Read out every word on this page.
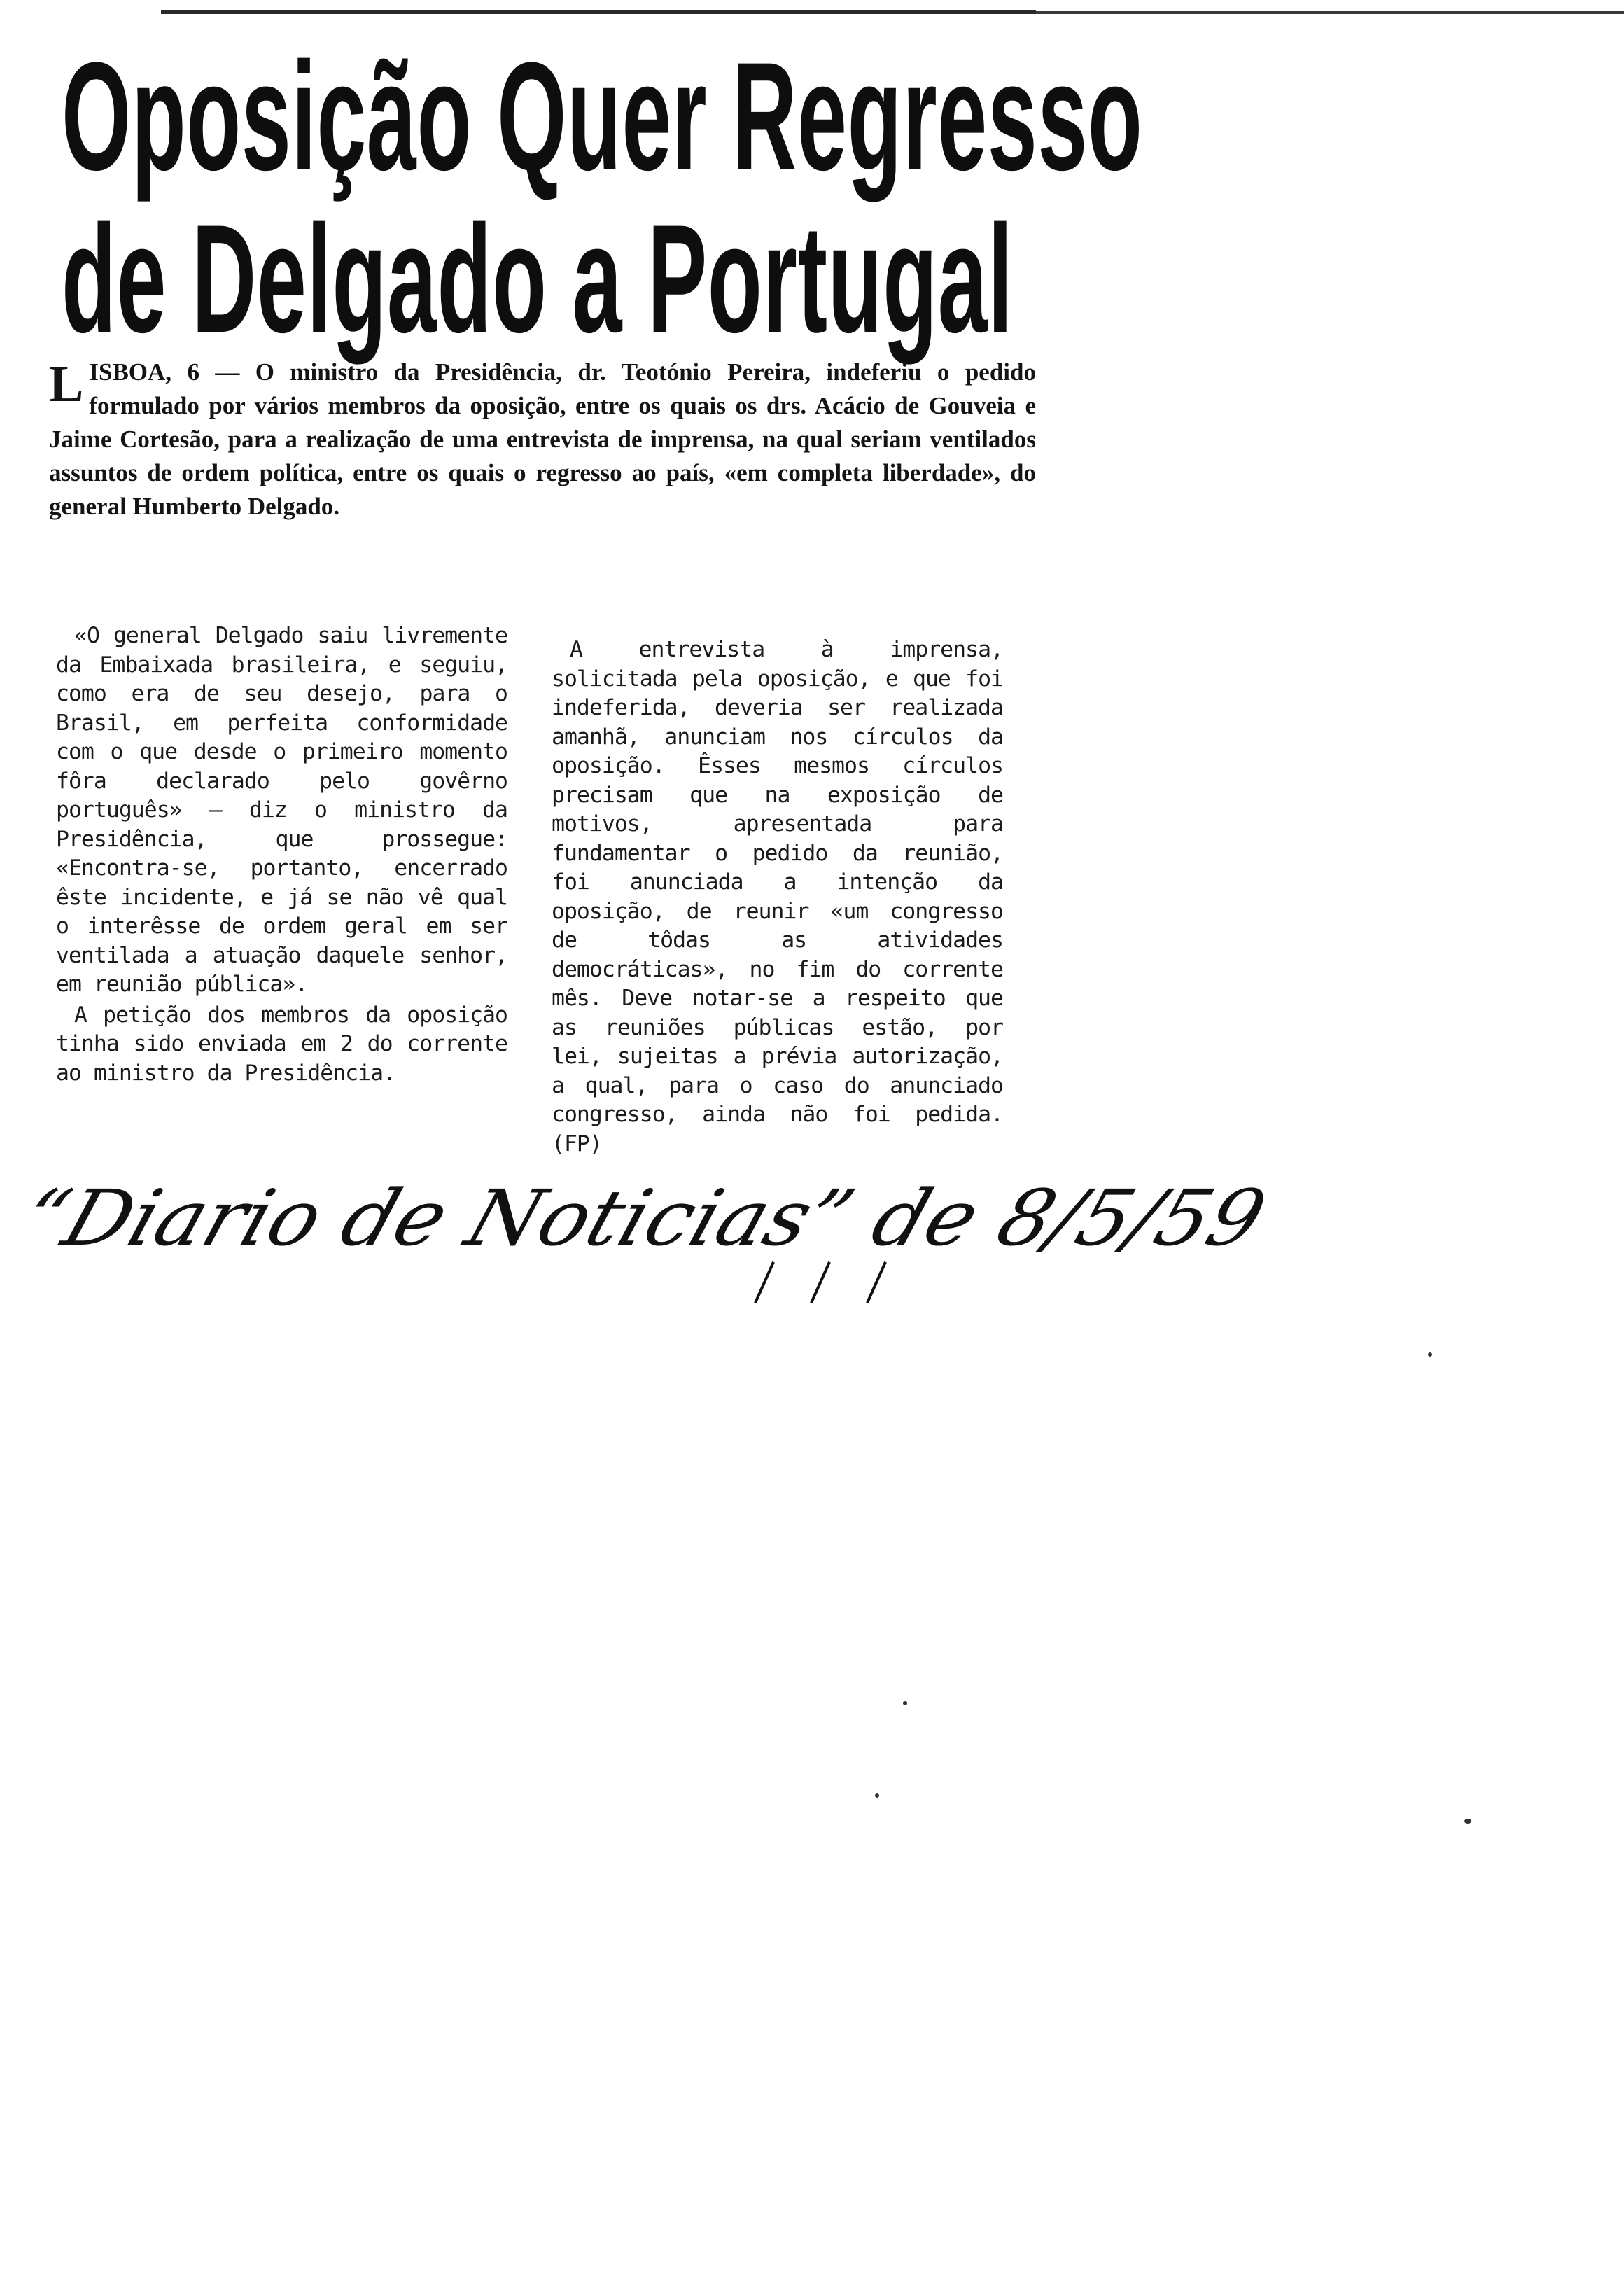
Oposição Quer Regresso
de Delgado a Portugal
L ISBOA, 6 — O ministro da Presidência, dr. Teotónio Pereira, indeferiu o pedido formulado por vários membros da oposição, entre os quais os drs. Acácio de Gouveia e Jaime Cortesão, para a realização de uma entrevista de imprensa, na qual seriam ventilados assuntos de ordem política, entre os quais o regresso ao país, «em completa liberdade», do general Humberto Delgado.

«O general Delgado saiu livremente da Embaixada brasileira, e seguiu, como era de seu desejo, para o Brasil, em perfeita conformidade com o que desde o primeiro momento fôra declarado pelo govêrno português» — diz o ministro da Presidência, que prossegue: «Encontra-se, portanto, encerrado êste incidente, e já se não vê qual o interêsse de ordem geral em ser ventilada a atuação daquele senhor, em reunião pública».

A petição dos membros da oposição tinha sido enviada em 2 do corrente ao ministro da Presidência.

A entrevista à imprensa, solicitada pela oposição, e que foi indeferida, deveria ser realizada amanhã, anunciam nos círculos da oposição. Êsses mesmos círculos precisam que na exposição de motivos, apresentada para fundamentar o pedido da reunião, foi anunciada a intenção da oposição, de reunir «um congresso de tôdas as atividades democráticas», no fim do corrente mês. Deve notar-se a respeito que as reuniões públicas estão, por lei, sujeitas a prévia autorização, a qual, para o caso do anunciado congresso, ainda não foi pedida. (FP)

“Diario de Noticias” de 8/5/59
